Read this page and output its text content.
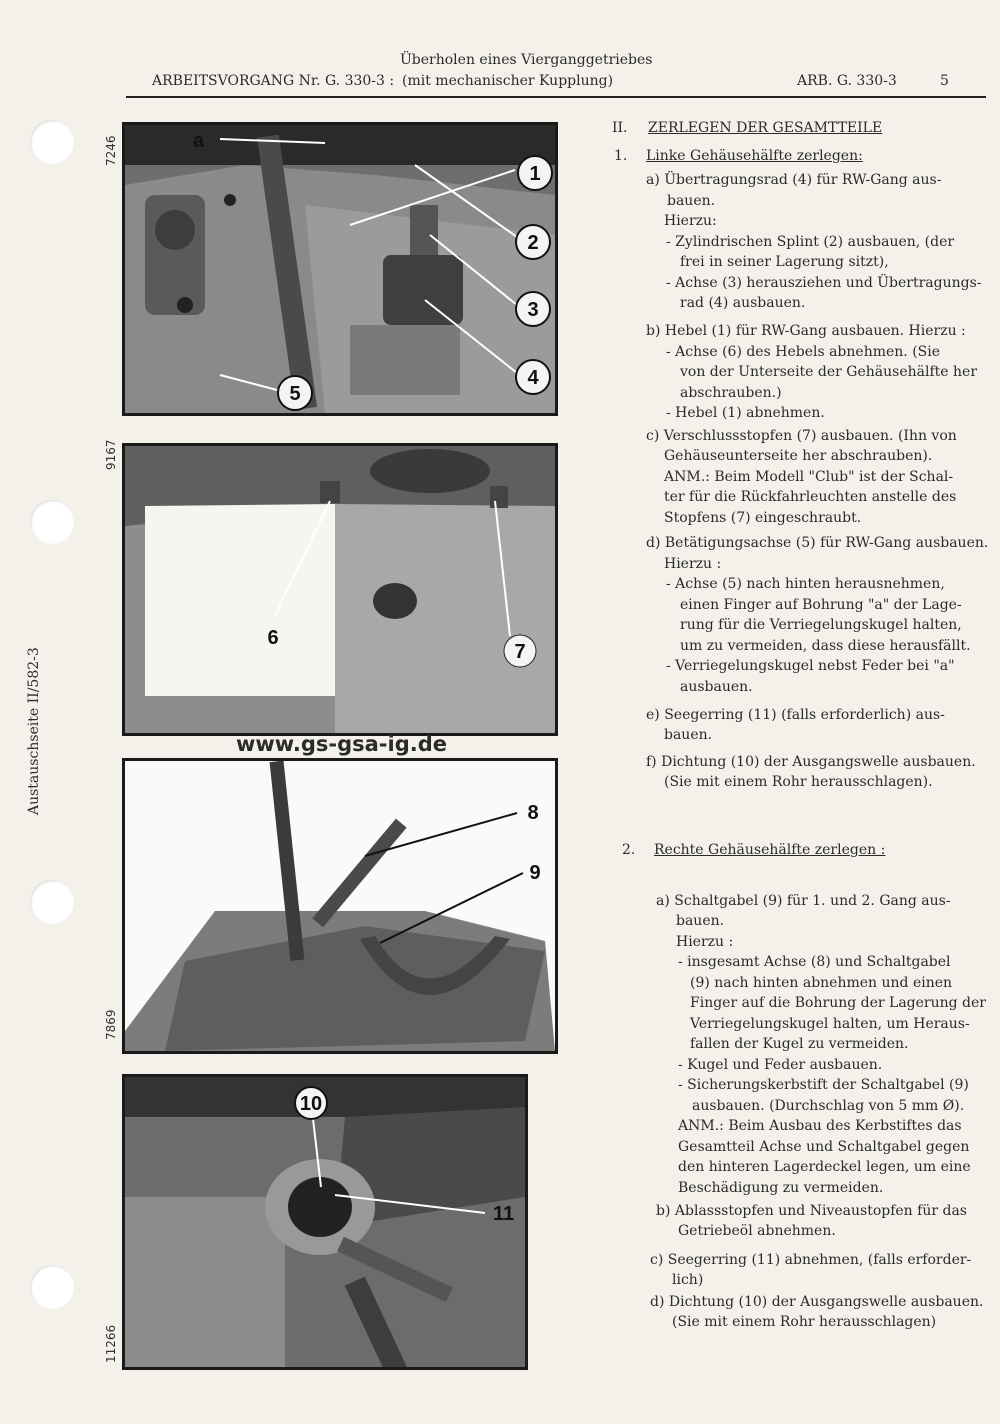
Überholen eines Vierganggetriebes
ARBEITSVORGANG Nr. G. 330-3 : (mit mechanischer Kupplung)	ARB. G. 330-3	5
Austauschseite II/582-3
7246	a
1
2
3
4
5
9167
6
7
www.gs-gsa-ig.de
7869
8
9
11266
10
11
II. ZERLEGEN DER GESAMTTEILE
1. Linke Gehäusehälfte zerlegen:
a) Übertragungsrad (4) für RW-Gang aus-
bauen.
Hierzu:
- Zylindrischen Splint (2) ausbauen, (der
frei in seiner Lagerung sitzt),
- Achse (3) herausziehen und Übertragungs-
rad (4) ausbauen.
b) Hebel (1) für RW-Gang ausbauen. Hierzu :
- Achse (6) des Hebels abnehmen. (Sie
von der Unterseite der Gehäusehälfte her
abschrauben.)
- Hebel (1) abnehmen.
c) Verschlussstopfen (7) ausbauen. (Ihn von
Gehäuseunterseite her abschrauben).
ANM.: Beim Modell "Club" ist der Schal-
ter für die Rückfahrleuchten anstelle des
Stopfens (7) eingeschraubt.
d) Betätigungsachse (5) für RW-Gang ausbauen.
Hierzu :
- Achse (5) nach hinten herausnehmen,
einen Finger auf Bohrung "a" der Lage-
rung für die Verriegelungskugel halten,
um zu vermeiden, dass diese herausfällt.
- Verriegelungskugel nebst Feder bei "a"
ausbauen.
e) Seegerring (11) (falls erforderlich) aus-
bauen.
f) Dichtung (10) der Ausgangswelle ausbauen.
(Sie mit einem Rohr herausschlagen).
2. Rechte Gehäusehälfte zerlegen :
a) Schaltgabel (9) für 1. und 2. Gang aus-
bauen.
Hierzu :
- insgesamt Achse (8) und Schaltgabel
(9) nach hinten abnehmen und einen
Finger auf die Bohrung der Lagerung der
Verriegelungskugel halten, um Heraus-
fallen der Kugel zu vermeiden.
- Kugel und Feder ausbauen.
- Sicherungskerbstift der Schaltgabel (9)
ausbauen. (Durchschlag von 5 mm Ø).
ANM.: Beim Ausbau des Kerbstiftes das
Gesamtteil Achse und Schaltgabel gegen
den hinteren Lagerdeckel legen, um eine
Beschädigung zu vermeiden.
b) Ablassstopfen und Niveaustopfen für das
Getriebeöl abnehmen.
c) Seegerring (11) abnehmen, (falls erforder-
lich)
d) Dichtung (10) der Ausgangswelle ausbauen.
(Sie mit einem Rohr herausschlagen)
